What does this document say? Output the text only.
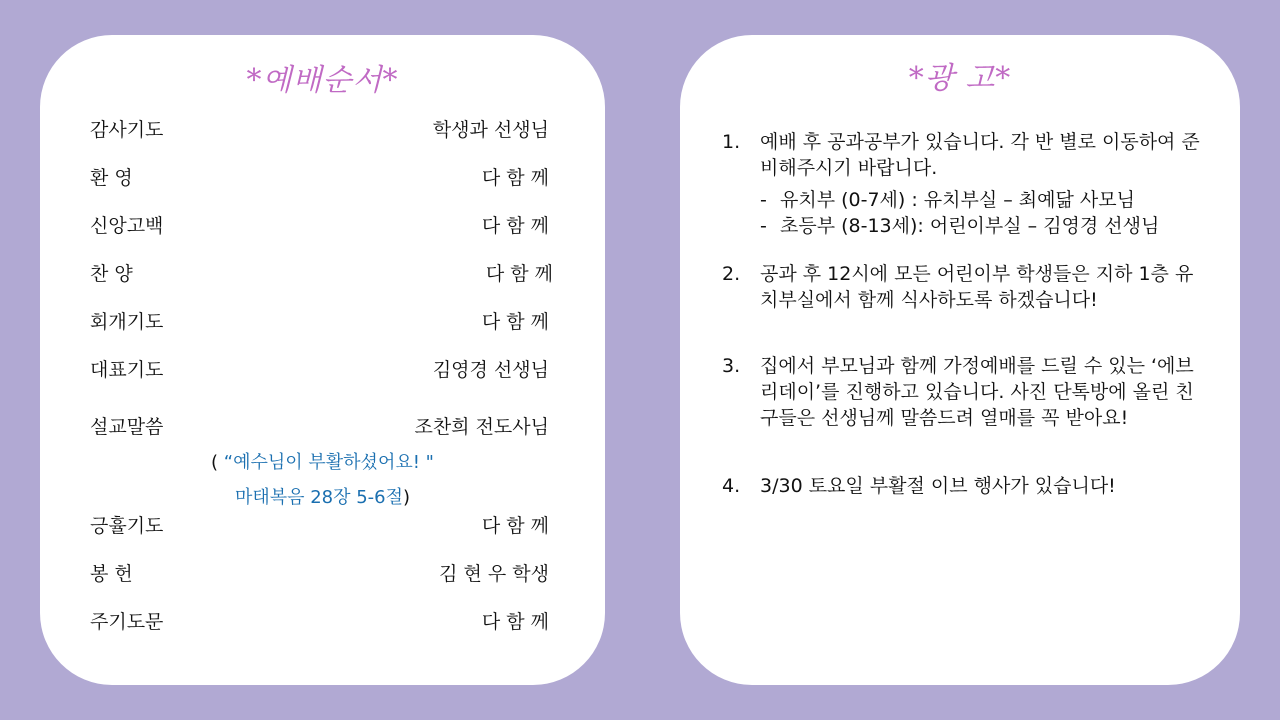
*예배순서*
감사기도	학생과 선생님
환 영	다 함 께
신앙고백	다 함 께
찬 양	다 함 께
회개기도	다 함 께
대표기도	김영경 선생님
설교말씀	조찬희 전도사님
( “예수님이 부활하셨어요! "
마태복음 28장 5-6절)
긍휼기도	다 함 께
봉 헌	김 현 우 학생
주기도문	다 함 께
*광 고*
1. 예배 후 공과공부가 있습니다. 각 반 별로 이동하여 준비해주시기 바랍니다.
- 유치부 (0-7세) : 유치부실 – 최예닮 사모님
- 초등부 (8-13세): 어린이부실 – 김영경 선생님
2. 공과 후 12시에 모든 어린이부 학생들은 지하 1층 유치부실에서 함께 식사하도록 하겠습니다!
3. 집에서 부모님과 함께 가정예배를 드릴 수 있는 ‘에브리데이’를 진행하고 있습니다. 사진 단톡방에 올린 친구들은 선생님께 말씀드려 열매를 꼭 받아요!
4. 3/30 토요일 부활절 이브 행사가 있습니다!
